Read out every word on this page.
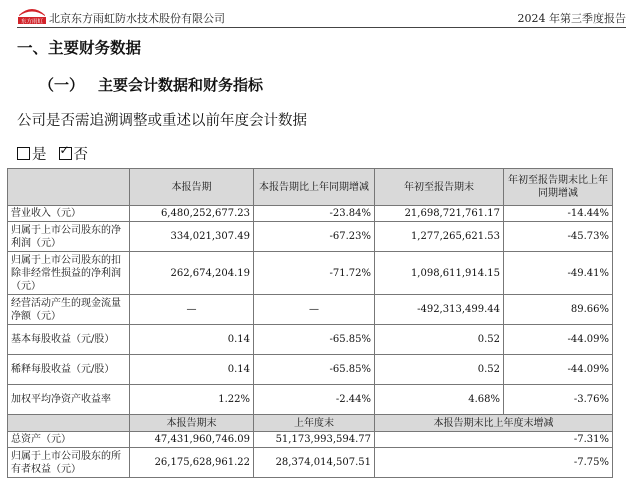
东方雨虹 北京东方雨虹防水技术股份有限公司	2024 年第三季度报告
一、主要财务数据
（一） 主要会计数据和财务指标
公司是否需追溯调整或重述以前年度会计数据
是 ✓ 否
	本报告期	本报告期比上年同期增减	年初至报告期末	年初至报告期末比上年同期增减
营业收入（元）	6,480,252,677.23	-23.84%	21,698,721,761.17	-14.44%
归属于上市公司股东的净利润（元）	334,021,307.49	-67.23%	1,277,265,621.53	-45.73%
归属于上市公司股东的扣除非经常性损益的净利润（元）	262,674,204.19	-71.72%	1,098,611,914.15	-49.41%
经营活动产生的现金流量净额（元）	—	—	-492,313,499.44	89.66%
基本每股收益（元/股）	0.14	-65.85%	0.52	-44.09%
稀释每股收益（元/股）	0.14	-65.85%	0.52	-44.09%
加权平均净资产收益率	1.22%	-2.44%	4.68%	-3.76%
	本报告期末	上年度末	本报告期末比上年度末增减	
总资产（元）	47,431,960,746.09	51,173,993,594.77	-7.31%	
归属于上市公司股东的所有者权益（元）	26,175,628,961.22	28,374,014,507.51	-7.75%	
